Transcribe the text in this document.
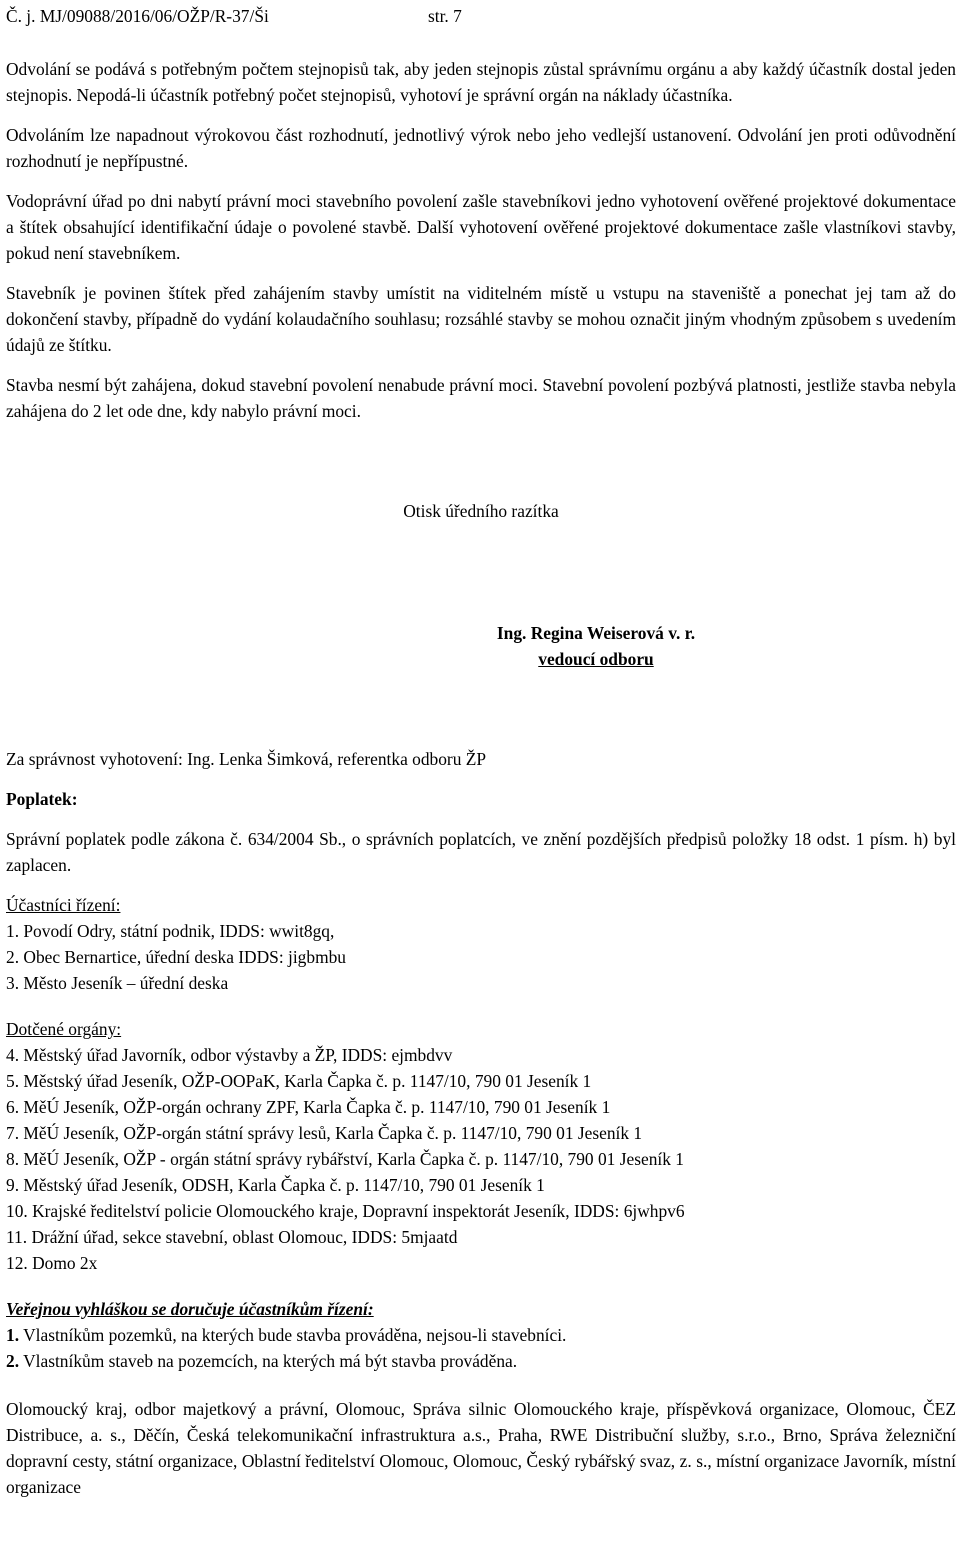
Č. j. MJ/09088/2016/06/OŽP/R-37/Ši	str. 7

Odvolání se podává s potřebným počtem stejnopisů tak, aby jeden stejnopis zůstal správnímu orgánu a aby každý účastník dostal jeden stejnopis. Nepodá-li účastník potřebný počet stejnopisů, vyhotoví je správní orgán na náklady účastníka.

Odvoláním lze napadnout výrokovou část rozhodnutí, jednotlivý výrok nebo jeho vedlejší ustanovení. Odvolání jen proti odůvodnění rozhodnutí je nepřípustné.

Vodoprávní úřad po dni nabytí právní moci stavebního povolení zašle stavebníkovi jedno vyhotovení ověřené projektové dokumentace a štítek obsahující identifikační údaje o povolené stavbě. Další vyhotovení ověřené projektové dokumentace zašle vlastníkovi stavby, pokud není stavebníkem.

Stavebník je povinen štítek před zahájením stavby umístit na viditelném místě u vstupu na staveniště a ponechat jej tam až do dokončení stavby, případně do vydání kolaudačního souhlasu; rozsáhlé stavby se mohou označit jiným vhodným způsobem s uvedením údajů ze štítku.

Stavba nesmí být zahájena, dokud stavební povolení nenabude právní moci. Stavební povolení pozbývá platnosti, jestliže stavba nebyla zahájena do 2 let ode dne, kdy nabylo právní moci.

Otisk úředního razítka

Ing. Regina Weiserová v. r.

vedoucí odboru

Za správnost vyhotovení: Ing. Lenka Šimková, referentka odboru ŽP

Poplatek:

Správní poplatek podle zákona č. 634/2004 Sb., o správních poplatcích, ve znění pozdějších předpisů položky 18 odst. 1 písm. h) byl zaplacen.

Účastníci řízení:

1. Povodí Odry, státní podnik, IDDS: wwit8gq,
2. Obec Bernartice, úřední deska IDDS: jigbmbu
3. Město Jeseník – úřední deska

Dotčené orgány:

4. Městský úřad Javorník, odbor výstavby a ŽP, IDDS: ejmbdvv
5. Městský úřad Jeseník, OŽP-OOPaK, Karla Čapka č. p. 1147/10, 790 01 Jeseník 1
6. MěÚ Jeseník, OŽP-orgán ochrany ZPF, Karla Čapka č. p. 1147/10, 790 01 Jeseník 1
7. MěÚ Jeseník, OŽP-orgán státní správy lesů, Karla Čapka č. p. 1147/10, 790 01 Jeseník 1
8. MěÚ Jeseník, OŽP - orgán státní správy rybářství, Karla Čapka č. p. 1147/10, 790 01 Jeseník 1
9. Městský úřad Jeseník, ODSH, Karla Čapka č. p. 1147/10, 790 01 Jeseník 1
10. Krajské ředitelství policie Olomouckého kraje, Dopravní inspektorát Jeseník, IDDS: 6jwhpv6
11. Drážní úřad, sekce stavební, oblast Olomouc, IDDS: 5mjaatd
12. Domo 2x

Veřejnou vyhláškou se doručuje účastníkům řízení:

1. Vlastníkům pozemků, na kterých bude stavba prováděna, nejsou-li stavebníci.
2. Vlastníkům staveb na pozemcích, na kterých má být stavba prováděna.

Olomoucký kraj, odbor majetkový a právní, Olomouc, Správa silnic Olomouckého kraje, příspěvková organizace, Olomouc, ČEZ Distribuce, a. s., Děčín, Česká telekomunikační infrastruktura a.s., Praha, RWE Distribuční služby, s.r.o., Brno, Správa železniční dopravní cesty, státní organizace, Oblastní ředitelství Olomouc, Olomouc, Český rybářský svaz, z. s., místní organizace Javorník, místní organizace
